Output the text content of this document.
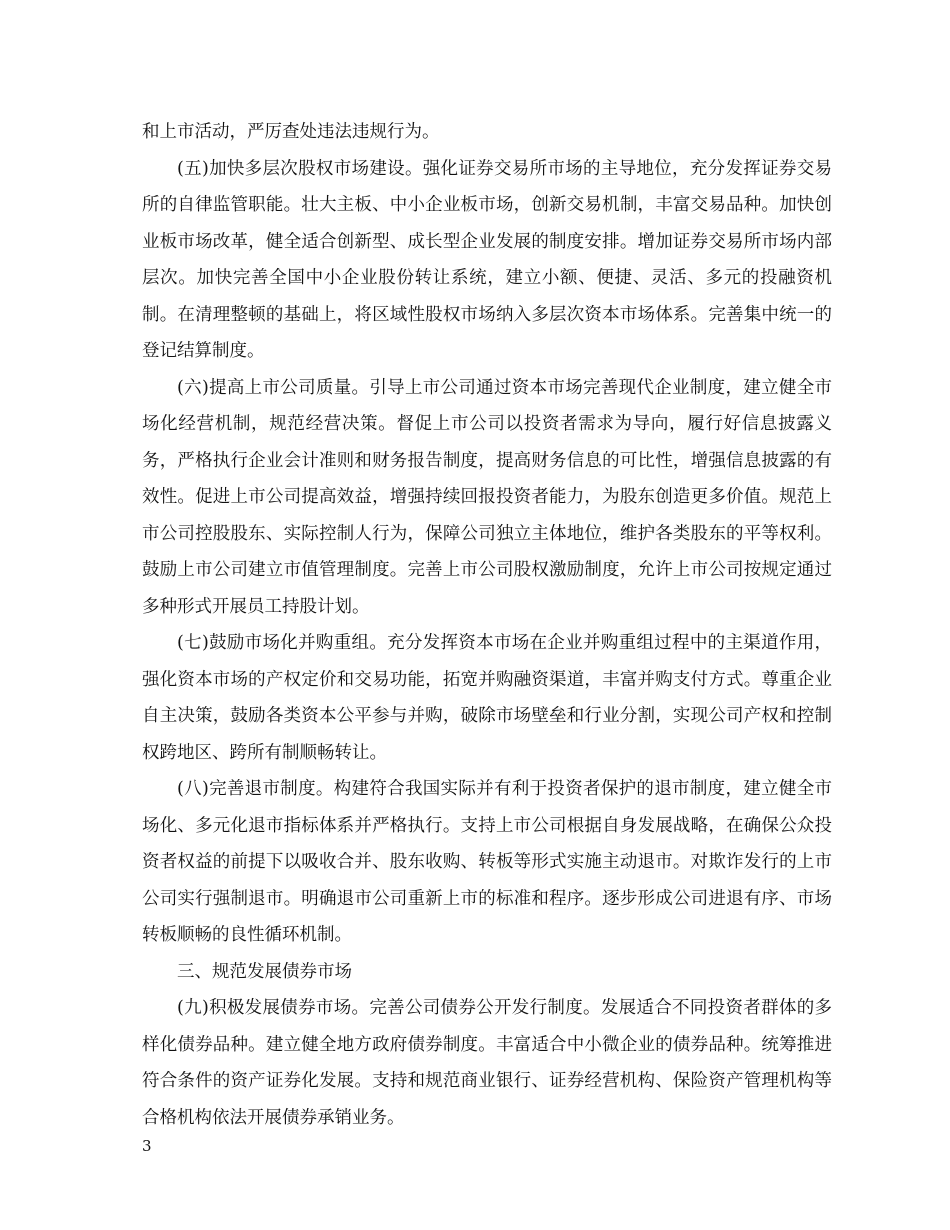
和上市活动，严厉查处违法违规行为。

(五)加快多层次股权市场建设。强化证券交易所市场的主导地位，充分发挥证券交易所的自律监管职能。壮大主板、中小企业板市场，创新交易机制，丰富交易品种。加快创业板市场改革，健全适合创新型、成长型企业发展的制度安排。增加证券交易所市场内部层次。加快完善全国中小企业股份转让系统，建立小额、便捷、灵活、多元的投融资机制。在清理整顿的基础上，将区域性股权市场纳入多层次资本市场体系。完善集中统一的登记结算制度。

(六)提高上市公司质量。引导上市公司通过资本市场完善现代企业制度，建立健全市场化经营机制，规范经营决策。督促上市公司以投资者需求为导向，履行好信息披露义务，严格执行企业会计准则和财务报告制度，提高财务信息的可比性，增强信息披露的有效性。促进上市公司提高效益，增强持续回报投资者能力，为股东创造更多价值。规范上市公司控股股东、实际控制人行为，保障公司独立主体地位，维护各类股东的平等权利。鼓励上市公司建立市值管理制度。完善上市公司股权激励制度，允许上市公司按规定通过多种形式开展员工持股计划。

(七)鼓励市场化并购重组。充分发挥资本市场在企业并购重组过程中的主渠道作用，强化资本市场的产权定价和交易功能，拓宽并购融资渠道，丰富并购支付方式。尊重企业自主决策，鼓励各类资本公平参与并购，破除市场壁垒和行业分割，实现公司产权和控制权跨地区、跨所有制顺畅转让。

(八)完善退市制度。构建符合我国实际并有利于投资者保护的退市制度，建立健全市场化、多元化退市指标体系并严格执行。支持上市公司根据自身发展战略，在确保公众投资者权益的前提下以吸收合并、股东收购、转板等形式实施主动退市。对欺诈发行的上市公司实行强制退市。明确退市公司重新上市的标准和程序。逐步形成公司进退有序、市场转板顺畅的良性循环机制。

三、规范发展债券市场

(九)积极发展债券市场。完善公司债券公开发行制度。发展适合不同投资者群体的多样化债券品种。建立健全地方政府债券制度。丰富适合中小微企业的债券品种。统筹推进符合条件的资产证券化发展。支持和规范商业银行、证券经营机构、保险资产管理机构等合格机构依法开展债券承销业务。

3
